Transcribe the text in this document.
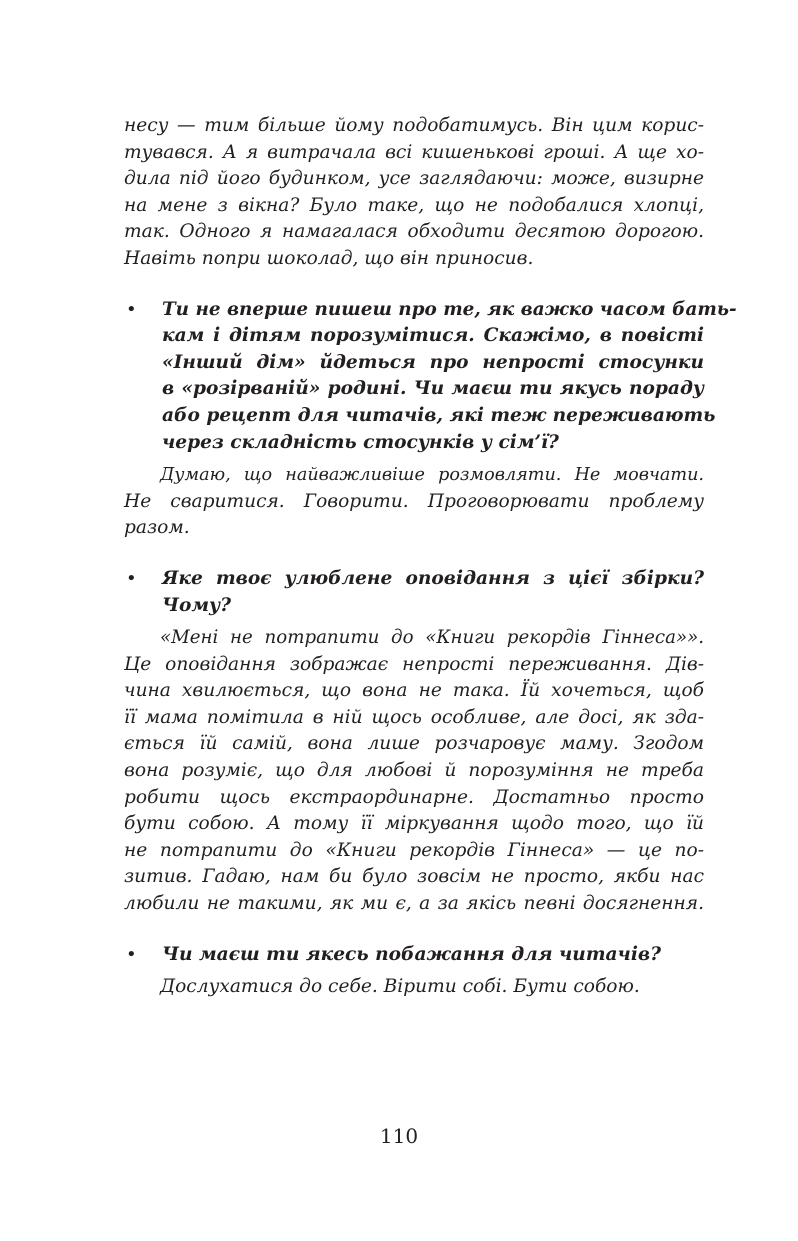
несу — тим більше йому подобатимусь. Він цим корис-
тувався. А я витрачала всі кишенькові гроші. А ще хо-
дила під його будинком, усе заглядаючи: може, визирне
на мене з вікна? Було таке, що не подобалися хлопці,
так. Одного я намагалася обходити десятою дорогою.
Навіть попри шоколад, що він приносив.
• Ти не вперше пишеш про те, як важко часом бать-
кам і дітям порозумітися. Скажімо, в повісті
«Інший дім» йдеться про непрості стосунки
в «розірваній» родині. Чи маєш ти якусь пораду
або рецепт для читачів, які теж переживають
через складність стосунків у сім’ї?
Думаю, що найважливіше розмовляти. Не мовчати.
Не сваритися. Говорити. Проговорювати проблему
разом.
• Яке твоє улюблене оповідання з цієї збірки?
Чому?
«Мені не потрапити до «Книги рекордів Гіннеса»».
Це оповідання зображає непрості переживання. Дів-
чина хвилюється, що вона не така. Їй хочеться, щоб
її мама помітила в ній щось особливе, але досі, як зда-
ється їй самій, вона лише розчаровує маму. Згодом
вона розуміє, що для любові й порозуміння не треба
робити щось екстраординарне. Достатньо просто
бути собою. А тому її міркування щодо того, що їй
не потрапити до «Книги рекордів Гіннеса» — це по-
зитив. Гадаю, нам би було зовсім не просто, якби нас
любили не такими, як ми є, а за якісь певні досягнення.
• Чи маєш ти якесь побажання для читачів?
Дослухатися до себе. Вірити собі. Бути собою.
110
